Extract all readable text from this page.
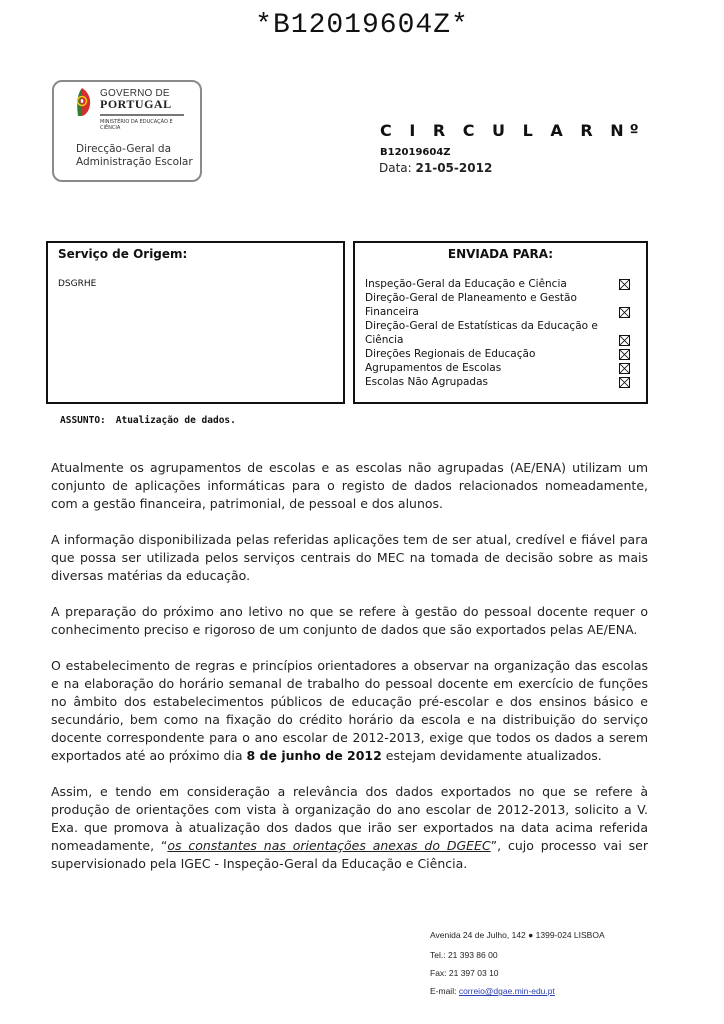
*B12019604Z*
GOVERNO DE
PORTUGAL
MINISTÉRIO DA EDUCAÇÃO E CIÊNCIA
Direcção-Geral da
Administração Escolar
C I R C U L A R Nº B12019604Z
Data: 21-05-2012
Serviço de Origem:
DSGRHE
ENVIADA PARA:
Inspeção-Geral da Educação e Ciência
Direção-Geral de Planeamento e Gestão
Financeira
Direção-Geral de Estatísticas da Educação e
Ciência
Direções Regionais de Educação
Agrupamentos de Escolas
Escolas Não Agrupadas
ASSUNTO: Atualização de dados.
Atualmente os agrupamentos de escolas e as escolas não agrupadas (AE/ENA) utilizam um conjunto de aplicações informáticas para o registo de dados relacionados nomeadamente, com a gestão financeira, patrimonial, de pessoal e dos alunos.
A informação disponibilizada pelas referidas aplicações tem de ser atual, credível e fiável para que possa ser utilizada pelos serviços centrais do MEC na tomada de decisão sobre as mais diversas matérias da educação.
A preparação do próximo ano letivo no que se refere à gestão do pessoal docente requer o conhecimento preciso e rigoroso de um conjunto de dados que são exportados pelas AE/ENA.
O estabelecimento de regras e princípios orientadores a observar na organização das escolas e na elaboração do horário semanal de trabalho do pessoal docente em exercício de funções no âmbito dos estabelecimentos públicos de educação pré-escolar e dos ensinos básico e secundário, bem como na fixação do crédito horário da escola e na distribuição do serviço docente correspondente para o ano escolar de 2012-2013, exige que todos os dados a serem exportados até ao próximo dia 8 de junho de 2012 estejam devidamente atualizados.
Assim, e tendo em consideração a relevância dos dados exportados no que se refere à produção de orientações com vista à organização do ano escolar de 2012-2013, solicito a V. Exa. que promova à atualização dos dados que irão ser exportados na data acima referida nomeadamente, “os constantes nas orientações anexas do DGEEC”, cujo processo vai ser supervisionado pela IGEC - Inspeção-Geral da Educação e Ciência.
Avenida 24 de Julho, 142 ● 1399-024 LISBOA
Tel.: 21 393 86 00
Fax: 21 397 03 10
E-mail: correio@dgae.min-edu.pt
